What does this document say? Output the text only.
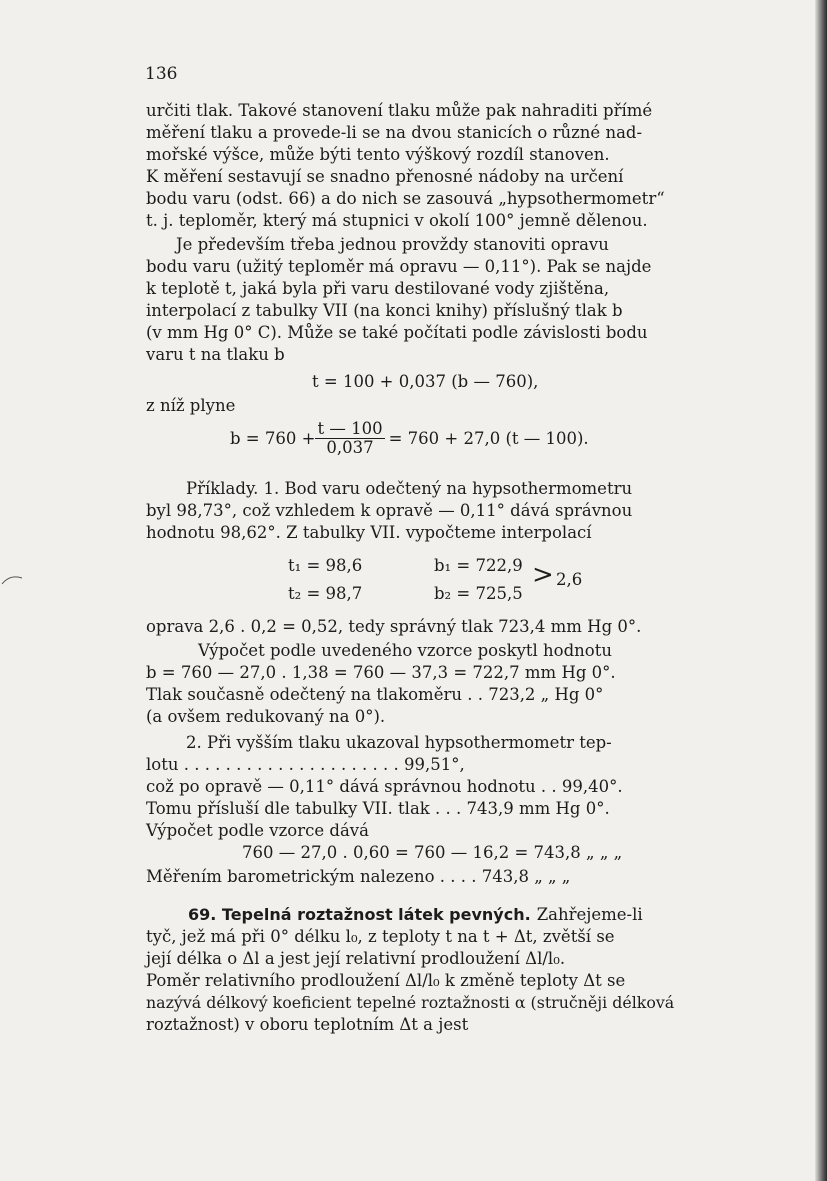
136
určiti tlak. Takové stanovení tlaku může pak nahraditi přímé
měření tlaku a provede-li se na dvou stanicích o různé nad-
mořské výšce, může býti tento výškový rozdíl stanoven.
K měření sestavují se snadno přenosné nádoby na určení
bodu varu (odst. 66) a do nich se zasouvá „hypsothermometr“
t. j. teploměr, který má stupnici v okolí 100° jemně dělenou.
Je především třeba jednou provždy stanoviti opravu
bodu varu (užitý teploměr má opravu — 0,11°). Pak se najde
k teplotě t, jaká byla při varu destilované vody zjištěna,
interpolací z tabulky VII (na konci knihy) příslušný tlak b
(v mm Hg 0° C). Může se také počítati podle závislosti bodu
varu t na tlaku b
t = 100 + 0,037 (b — 760),
z níž plyne
$b = 760 + \frac{t — 100}{0,037} = 760 + 27,0$ (t — 100).
Příklady. 1. Bod varu odečtený na hypsothermometru
byl 98,73°, což vzhledem k opravě — 0,11° dává správnou
hodnotu 98,62°. Z tabulky VII. vypočteme interpolací
t₁ = 98,6
t₂ = 98,7
b₁ = 722,9
b₂ = 725,5
> 2,6
oprava 2,6 . 0,2 = 0,52, tedy správný tlak 723,4 mm Hg 0°.
Výpočet podle uvedeného vzorce poskytl hodnotu
b = 760 — 27,0 . 1,38 = 760 — 37,3 = 722,7 mm Hg 0°.
Tlak současně odečtený na tlakoměru . . 723,2 „ Hg 0°
(a ovšem redukovaný na 0°).
2. Při vyšším tlaku ukazoval hypsothermometr tep-
lotu . . . . . . . . . . . . . . . . . . . . . 99,51°,
což po opravě — 0,11° dává správnou hodnotu . . 99,40°.
Tomu přísluší dle tabulky VII. tlak . . . 743,9 mm Hg 0°.
Výpočet podle vzorce dává
760 — 27,0 . 0,60 = 760 — 16,2 = 743,8 „ „ „
Měřením barometrickým nalezeno . . . . 743,8 „ „ „
69. Tepelná roztažnost látek pevných. Zahřejeme-li
tyč, jež má při 0° délku l₀, z teploty t na t + Δt, zvětší se
její délka o Δl a jest její relativní prodloužení Δl/l₀.
Poměr relativního prodloužení Δl/l₀ k změně teploty Δt se
nazývá délkový koeficient tepelné roztažnosti α (stručněji délková
roztažnost) v oboru teplotním Δt a jest
